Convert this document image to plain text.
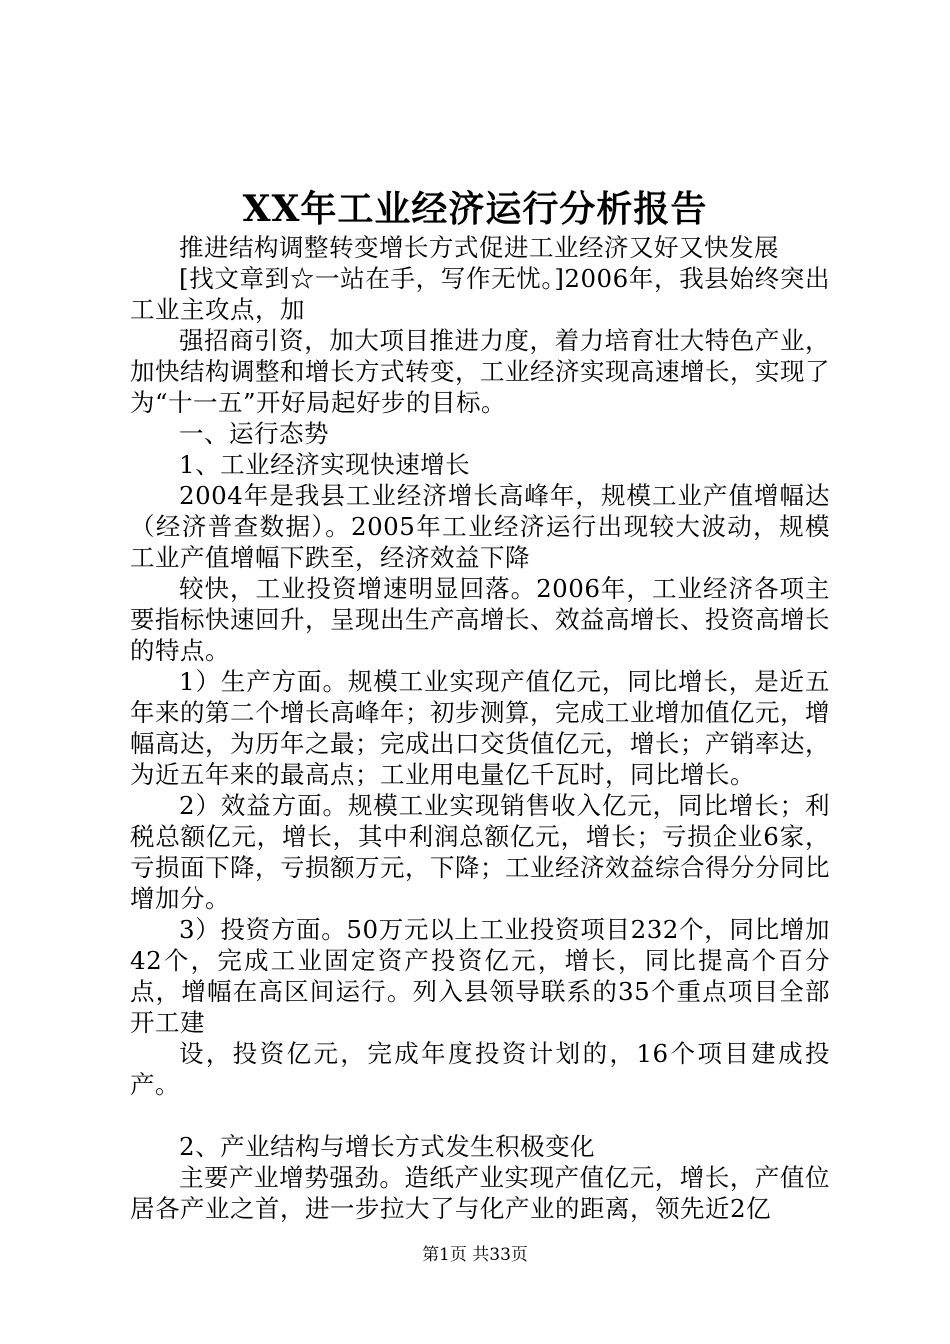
XX年工业经济运行分析报告

推进结构调整转变增长方式促进工业经济又好又快发展

[找文章到☆一站在手，写作无忧。]2006年，我县始终突出工业主攻点，加

强招商引资，加大项目推进力度，着力培育壮大特色产业，加快结构调整和增长方式转变，工业经济实现高速增长，实现了为“十一五”开好局起好步的目标。

一、运行态势

1、工业经济实现快速增长

2004年是我县工业经济增长高峰年，规模工业产值增幅达（经济普查数据）。2005年工业经济运行出现较大波动，规模工业产值增幅下跌至，经济效益下降

较快，工业投资增速明显回落。2006年，工业经济各项主要指标快速回升，呈现出生产高增长、效益高增长、投资高增长的特点。

1）生产方面。规模工业实现产值亿元，同比增长，是近五年来的第二个增长高峰年；初步测算，完成工业增加值亿元，增幅高达，为历年之最；完成出口交货值亿元，增长；产销率达，为近五年来的最高点；工业用电量亿千瓦时，同比增长。

2）效益方面。规模工业实现销售收入亿元，同比增长；利税总额亿元，增长，其中利润总额亿元，增长；亏损企业6家，亏损面下降，亏损额万元，下降；工业经济效益综合得分分同比增加分。

3）投资方面。50万元以上工业投资项目232个，同比增加42个，完成工业固定资产投资亿元，增长，同比提高个百分点，增幅在高区间运行。列入县领导联系的35个重点项目全部开工建

设，投资亿元，完成年度投资计划的，16个项目建成投产。

2、产业结构与增长方式发生积极变化

主要产业增势强劲。造纸产业实现产值亿元，增长，产值位居各产业之首，进一步拉大了与化产业的距离，领先近2亿

第1页 共33页
